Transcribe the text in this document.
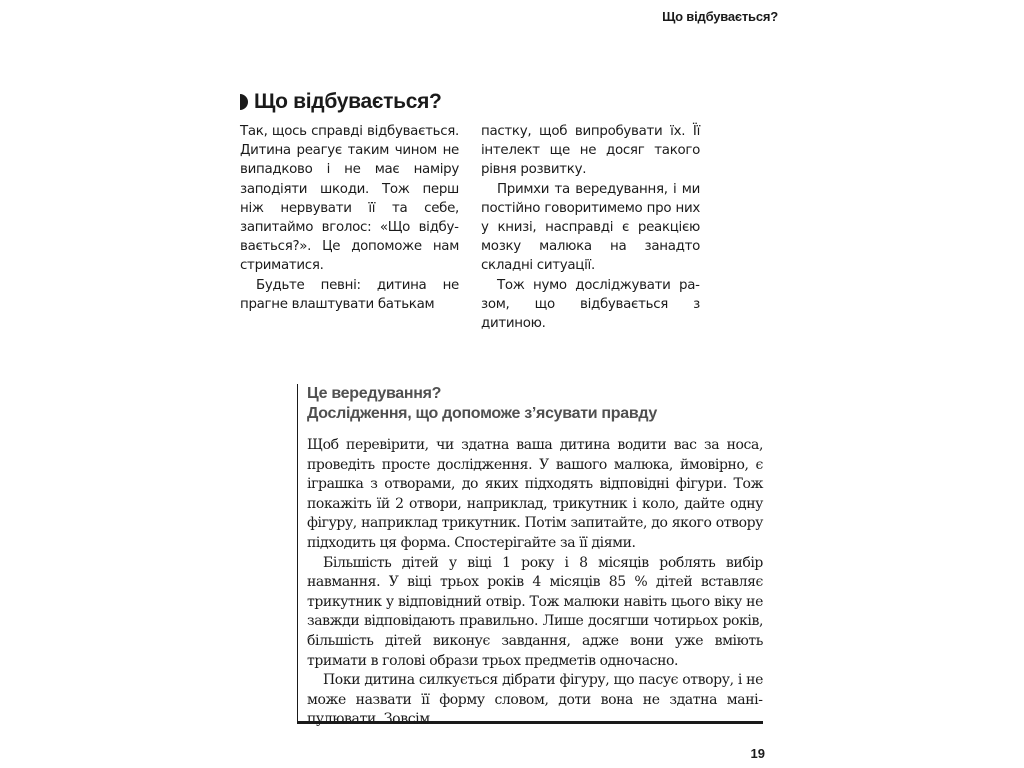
Що відбувається?
Що відбувається?

Так, щось справді відбувається. Дитина реагує таким чином не випадково і не має наміру заподіяти шкоди. Тож перш ніж нервувати її та себе, запитаймо вголос: «Що відбувається?». Це допоможе нам стриматися.

Будьте певні: дитина не прагне влаштувати батькам

пастку, щоб випробувати їх. Її інтелект ще не досяг такого рівня розвитку.

Примхи та вередування, і ми постійно говоритимемо про них у книзі, насправді є реакцією мозку малюка на занадто складні ситуації.

Тож нумо досліджувати разом, що відбувається з дитиною.

Це вередування?
Дослідження, що допоможе з’ясувати правду

Щоб перевірити, чи здатна ваша дитина водити вас за носа, проведіть просте дослідження. У вашого малюка, ймовірно, є іграшка з отворами, до яких підходять відповідні фігури. Тож покажіть їй 2 отвори, наприклад, трикутник і коло, дайте одну фігуру, наприклад трикутник. Потім запитайте, до якого отвору підходить ця форма. Спостерігайте за її діями.

Більшість дітей у віці 1 року і 8 місяців роблять вибір навмання. У віці трьох років 4 місяців 85 % дітей вставляє трикутник у відповідний отвір. Тож малюки навіть цього віку не завжди відповідають правильно. Лише досягши чотирьох років, більшість дітей виконує завдання, адже вони уже вміють тримати в голові образи трьох предметів одночасно.

Поки дитина силкується дібрати фігуру, що пасує отвору, і не може назвати її форму словом, доти вона не здатна маніпулювати. Зовсім.

19
